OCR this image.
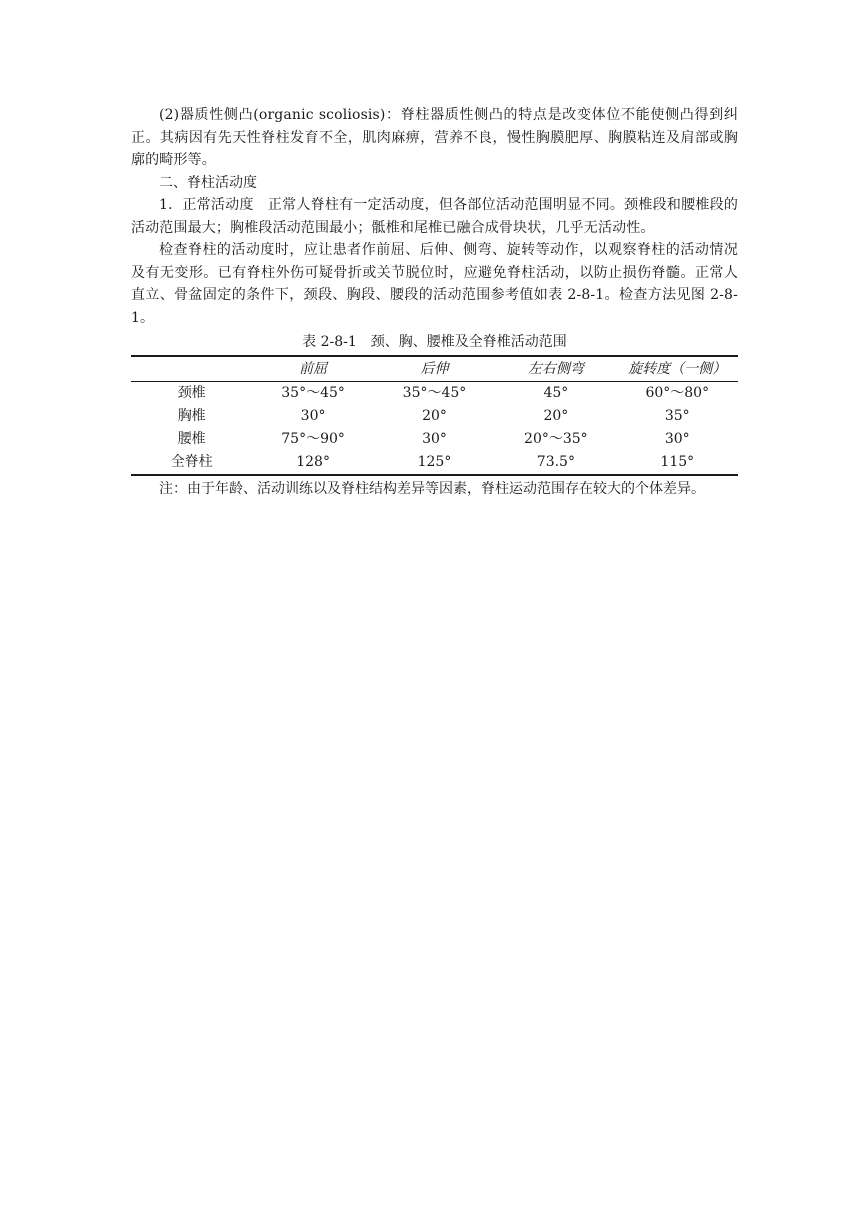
(2)器质性侧凸(organic scoliosis)：脊柱器质性侧凸的特点是改变体位不能使侧凸得到纠正。其病因有先天性脊柱发育不全，肌肉麻痹，营养不良，慢性胸膜肥厚、胸膜粘连及肩部或胸廓的畸形等。

二、脊柱活动度

1．正常活动度　正常人脊柱有一定活动度，但各部位活动范围明显不同。颈椎段和腰椎段的活动范围最大；胸椎段活动范围最小；骶椎和尾椎已融合成骨块状，几乎无活动性。

检查脊柱的活动度时，应让患者作前屈、后伸、侧弯、旋转等动作，以观察脊柱的活动情况及有无变形。已有脊柱外伤可疑骨折或关节脱位时，应避免脊柱活动，以防止损伤脊髓。正常人直立、骨盆固定的条件下，颈段、胸段、腰段的活动范围参考值如表 2-8-1。检查方法见图 2-8-1。

表 2-8-1　颈、胸、腰椎及全脊椎活动范围
	前屈	后伸	左右侧弯	旋转度（一侧）
颈椎	35°～45°	35°～45°	45°	60°～80°
胸椎	30°	20°	20°	35°
腰椎	75°～90°	30°	20°～35°	30°
全脊柱	128°	125°	73.5°	115°

注：由于年龄、活动训练以及脊柱结构差异等因素，脊柱运动范围存在较大的个体差异。
